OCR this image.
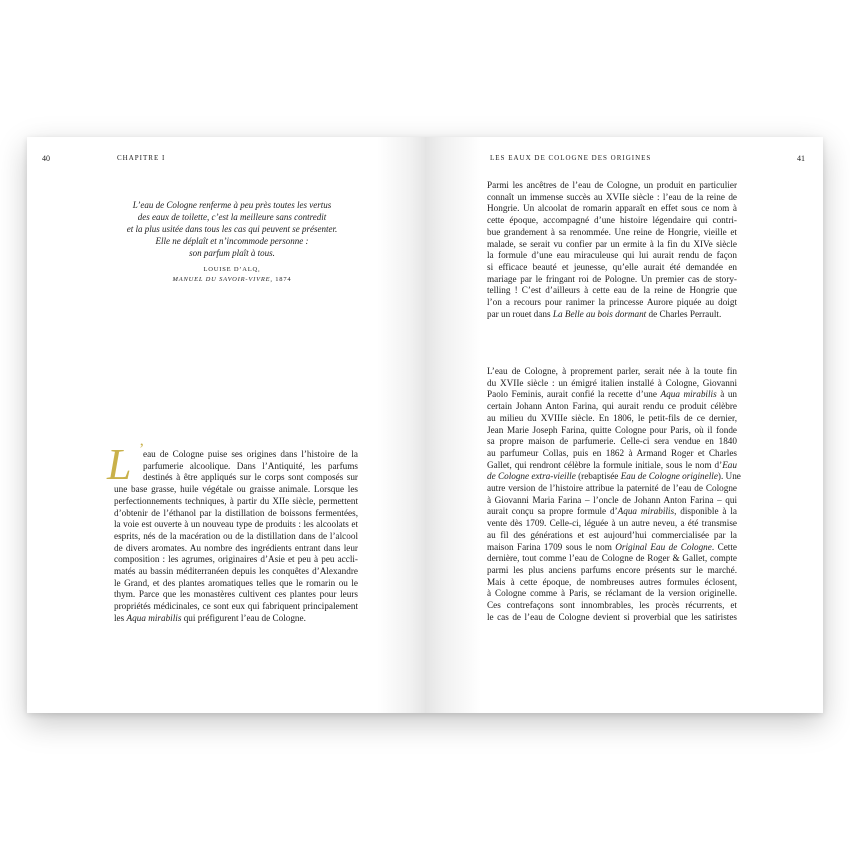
40	CHAPITRE I
L’eau de Cologne renferme à peu près toutes les vertus
des eaux de toilette, c’est la meilleure sans contredit
et la plus usitée dans tous les cas qui peuvent se présenter.
Elle ne déplaît et n’incommode personne :
son parfum plaît à tous.
LOUISE D’ALQ,
MANUEL DU SAVOIR-VIVRE, 1874
L ’
eau de Cologne puise ses origines dans l’histoire de la
parfumerie alcoolique. Dans l’Antiquité, les parfums
destinés à être appliqués sur le corps sont composés sur
une base grasse, huile végétale ou graisse animale. Lorsque les
perfectionnements techniques, à partir du XIIe siècle, permettent
d’obtenir de l’éthanol par la distillation de boissons fermentées,
la voie est ouverte à un nouveau type de produits : les alcoolats et
esprits, nés de la macération ou de la distillation dans de l’alcool
de divers aromates. Au nombre des ingrédients entrant dans leur
composition : les agrumes, originaires d’Asie et peu à peu accli-
matés au bassin méditerranéen depuis les conquêtes d’Alexandre
le Grand, et des plantes aromatiques telles que le romarin ou le
thym. Parce que les monastères cultivent ces plantes pour leurs
propriétés médicinales, ce sont eux qui fabriquent principalement
les Aqua mirabilis qui préfigurent l’eau de Cologne.
LES EAUX DE COLOGNE DES ORIGINES	41
Parmi les ancêtres de l’eau de Cologne, un produit en particulier
connaît un immense succès au XVIIe siècle : l’eau de la reine de
Hongrie. Un alcoolat de romarin apparaît en effet sous ce nom à
cette époque, accompagné d’une histoire légendaire qui contri-
bue grandement à sa renommée. Une reine de Hongrie, vieille et
malade, se serait vu confier par un ermite à la fin du XIVe siècle
la formule d’une eau miraculeuse qui lui aurait rendu de façon
si efficace beauté et jeunesse, qu’elle aurait été demandée en
mariage par le fringant roi de Pologne. Un premier cas de story-
telling ! C’est d’ailleurs à cette eau de la reine de Hongrie que
l’on a recours pour ranimer la princesse Aurore piquée au doigt
par un rouet dans La Belle au bois dormant de Charles Perrault.
L’eau de Cologne, à proprement parler, serait née à la toute fin
du XVIIe siècle : un émigré italien installé à Cologne, Giovanni
Paolo Feminis, aurait confié la recette d’une Aqua mirabilis à un
certain Johann Anton Farina, qui aurait rendu ce produit célèbre
au milieu du XVIIIe siècle. En 1806, le petit-fils de ce dernier,
Jean Marie Joseph Farina, quitte Cologne pour Paris, où il fonde
sa propre maison de parfumerie. Celle-ci sera vendue en 1840
au parfumeur Collas, puis en 1862 à Armand Roger et Charles
Gallet, qui rendront célèbre la formule initiale, sous le nom d’Eau
de Cologne extra-vieille (rebaptisée Eau de Cologne originelle). Une
autre version de l’histoire attribue la paternité de l’eau de Cologne
à Giovanni Maria Farina – l’oncle de Johann Anton Farina – qui
aurait conçu sa propre formule d’Aqua mirabilis, disponible à la
vente dès 1709. Celle-ci, léguée à un autre neveu, a été transmise
au fil des générations et est aujourd’hui commercialisée par la
maison Farina 1709 sous le nom Original Eau de Cologne. Cette
dernière, tout comme l’eau de Cologne de Roger & Gallet, compte
parmi les plus anciens parfums encore présents sur le marché.
Mais à cette époque, de nombreuses autres formules éclosent,
à Cologne comme à Paris, se réclamant de la version originelle.
Ces contrefaçons sont innombrables, les procès récurrents, et
le cas de l’eau de Cologne devient si proverbial que les satiristes
